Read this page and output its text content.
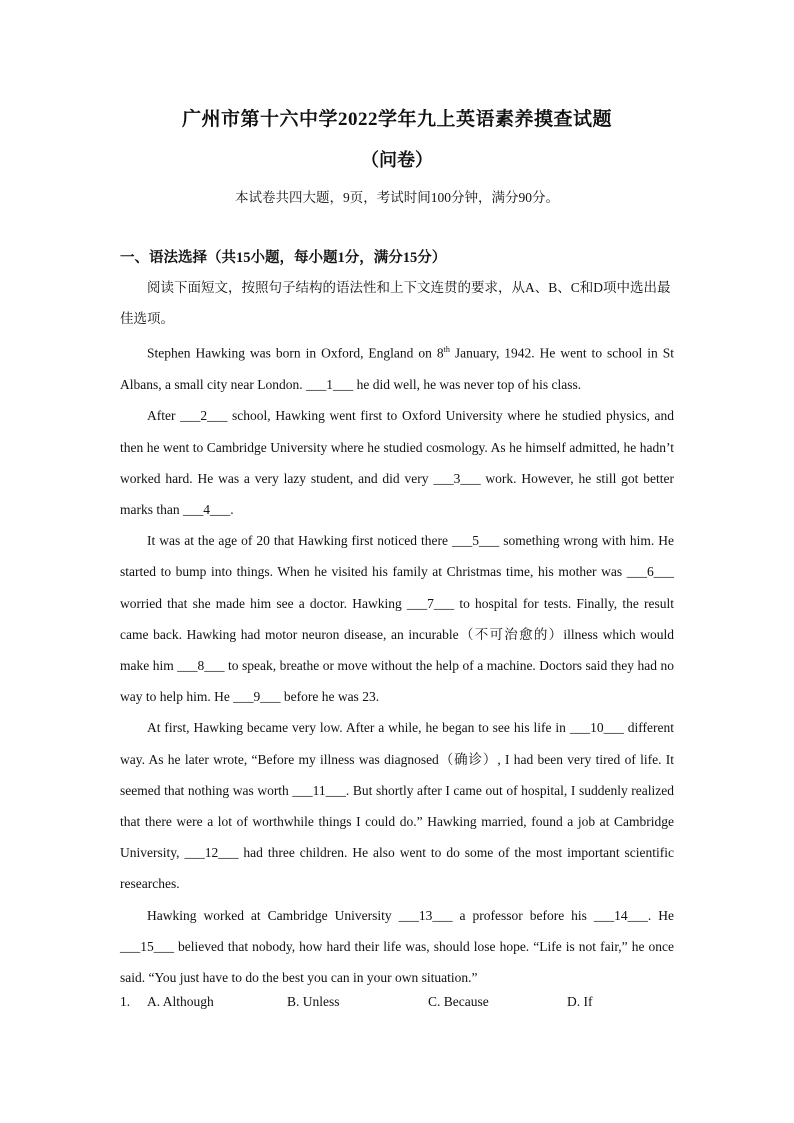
广州市第十六中学2022学年九上英语素养摸查试题
（问卷）
本试卷共四大题，9页，考试时间100分钟，满分90分。
一、语法选择（共15小题，每小题1分，满分15分）

阅读下面短文，按照句子结构的语法性和上下文连贯的要求，从A、B、C和D项中选出最佳选项。

Stephen Hawking was born in Oxford, England on 8th January, 1942. He went to school in St Albans, a small city near London. ___1___ he did well, he was never top of his class.

After ___2___ school, Hawking went first to Oxford University where he studied physics, and then he went to Cambridge University where he studied cosmology. As he himself admitted, he hadn’t worked hard. He was a very lazy student, and did very ___3___ work. However, he still got better marks than ___4___.

It was at the age of 20 that Hawking first noticed there ___5___ something wrong with him. He started to bump into things. When he visited his family at Christmas time, his mother was ___6___ worried that she made him see a doctor. Hawking ___7___ to hospital for tests. Finally, the result came back. Hawking had motor neuron disease, an incurable（不可治愈的）illness which would make him ___8___ to speak, breathe or move without the help of a machine. Doctors said they had no way to help him. He ___9___ before he was 23.

At first, Hawking became very low. After a while, he began to see his life in ___10___ different way. As he later wrote, “Before my illness was diagnosed（确诊）, I had been very tired of life. It seemed that nothing was worth ___11___. But shortly after I came out of hospital, I suddenly realized that there were a lot of worthwhile things I could do.” Hawking married, found a job at Cambridge University, ___12___ had three children. He also went to do some of the most important scientific researches.

Hawking worked at Cambridge University ___13___ a professor before his ___14___. He ___15___ believed that nobody, how hard their life was, should lose hope. “Life is not fair,” he once said. “You just have to do the best you can in your own situation.”

1. A. Although	B. Unless	C. Because	D. If
